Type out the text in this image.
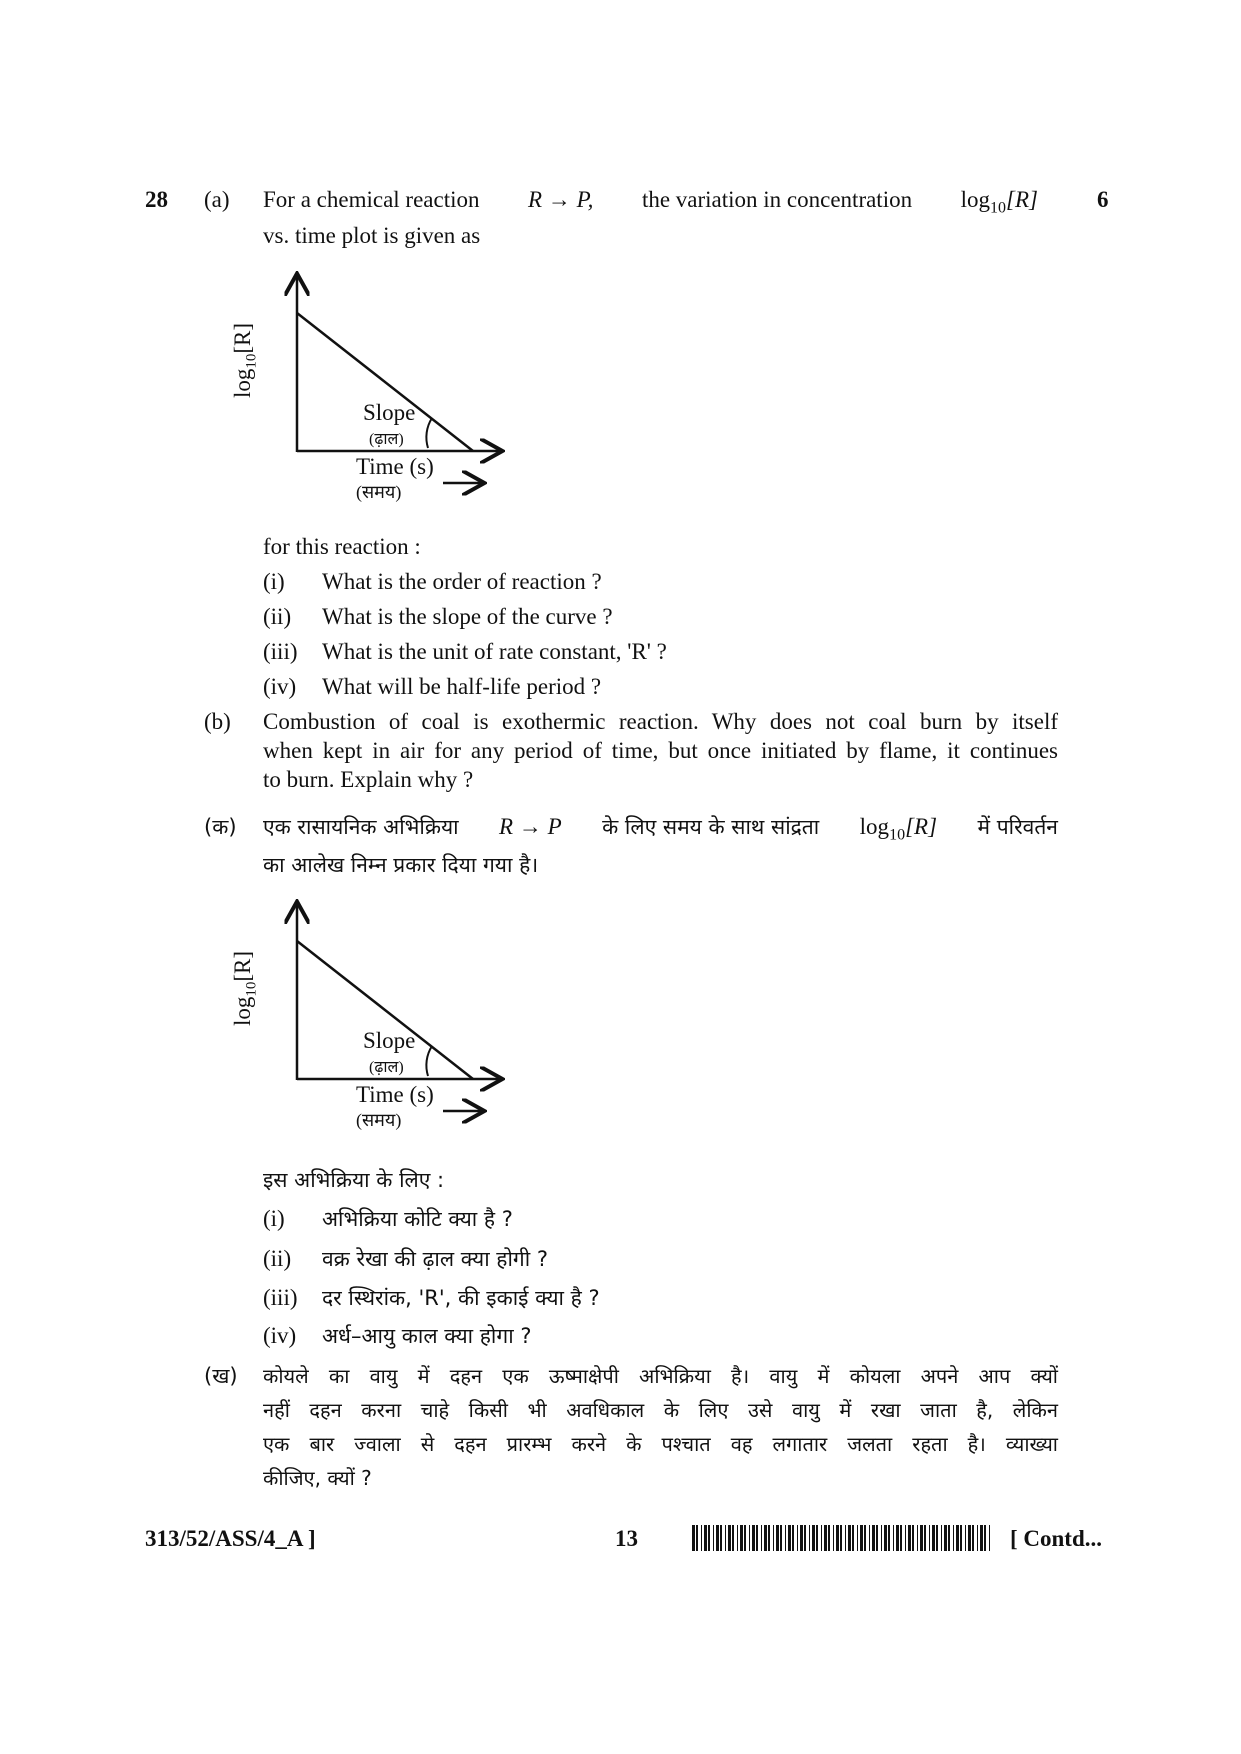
28	6
(a) For a chemical reaction R → P, the variation in concentration $\log_{10}[R]$
vs. time plot is given as
$\log_{10}[R]$
Slope
(ढ़ाल)
Time (s)
(समय)
for this reaction :
(i) What is the order of reaction ?
(ii) What is the slope of the curve ?
(iii) What is the unit of rate constant, 'R' ?
(iv) What will be half-life period ?
(b) Combustion of coal is exothermic reaction. Why does not coal burn by itself
when kept in air for any period of time, but once initiated by flame, it continues
to burn. Explain why ?
(क) एक रासायनिक अभिक्रिया R → P के लिए समय के साथ सांद्रता $\log_{10}[R]$ में परिवर्तन
का आलेख निम्न प्रकार दिया गया है।
$\log_{10}[R]$
Slope
(ढ़ाल)
Time (s)
(समय)
इस अभिक्रिया के लिए :
(i) अभिक्रिया कोटि क्या है ?
(ii) वक्र रेखा की ढ़ाल क्या होगी ?
(iii) दर स्थिरांक, 'R', की इकाई क्या है ?
(iv) अर्ध–आयु काल क्या होगा ?
(ख) कोयले का वायु में दहन एक ऊष्माक्षेपी अभिक्रिया है। वायु में कोयला अपने आप क्यों
नहीं दहन करना चाहे किसी भी अवधिकाल के लिए उसे वायु में रखा जाता है, लेकिन
एक बार ज्वाला से दहन प्रारम्भ करने के पश्चात वह लगातार जलता रहता है। व्याख्या
कीजिए, क्यों ?
313/52/ASS/4_A ]	13	[ Contd...
